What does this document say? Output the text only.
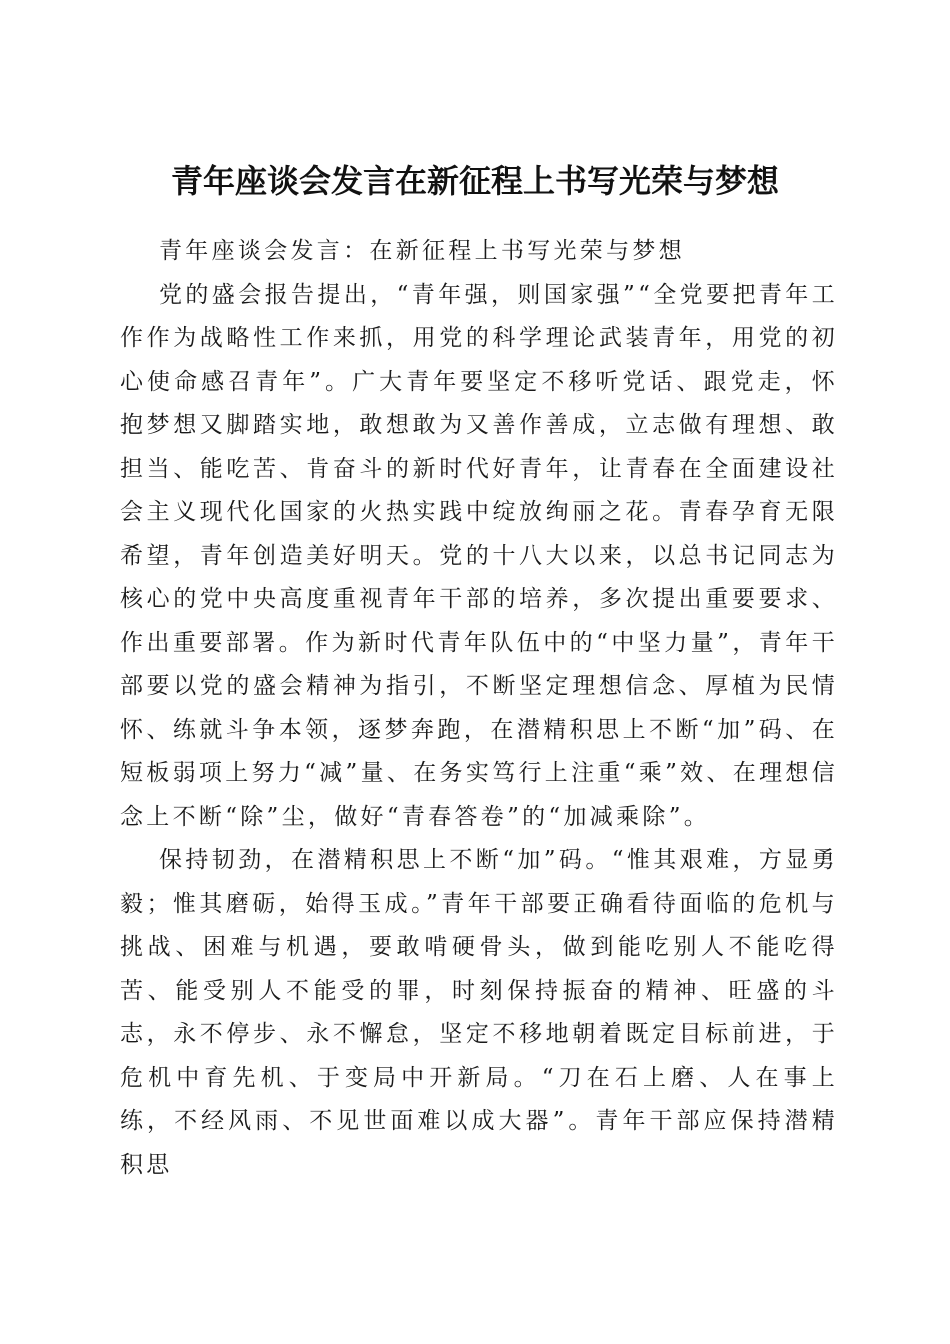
青年座谈会发言在新征程上书写光荣与梦想

青年座谈会发言：在新征程上书写光荣与梦想

党的盛会报告提出，“青年强，则国家强”“全党要把青年工作作为战略性工作来抓，用党的科学理论武装青年，用党的初心使命感召青年”。广大青年要坚定不移听党话、跟党走，怀抱梦想又脚踏实地，敢想敢为又善作善成，立志做有理想、敢担当、能吃苦、肯奋斗的新时代好青年，让青春在全面建设社会主义现代化国家的火热实践中绽放绚丽之花。青春孕育无限希望，青年创造美好明天。党的十八大以来，以总书记同志为核心的党中央高度重视青年干部的培养，多次提出重要要求、作出重要部署。作为新时代青年队伍中的“中坚力量”，青年干部要以党的盛会精神为指引，不断坚定理想信念、厚植为民情怀、练就斗争本领，逐梦奔跑，在潜精积思上不断“加”码、在短板弱项上努力“减”量、在务实笃行上注重“乘”效、在理想信念上不断“除”尘，做好“青春答卷”的“加减乘除”。

保持韧劲，在潜精积思上不断“加”码。“惟其艰难，方显勇毅；惟其磨砺，始得玉成。”青年干部要正确看待面临的危机与挑战、困难与机遇，要敢啃硬骨头，做到能吃别人不能吃得苦、能受别人不能受的罪，时刻保持振奋的精神、旺盛的斗志，永不停步、永不懈怠，坚定不移地朝着既定目标前进，于危机中育先机、于变局中开新局。“刀在石上磨、人在事上练，不经风雨、不见世面难以成大器”。青年干部应保持潜精积思
